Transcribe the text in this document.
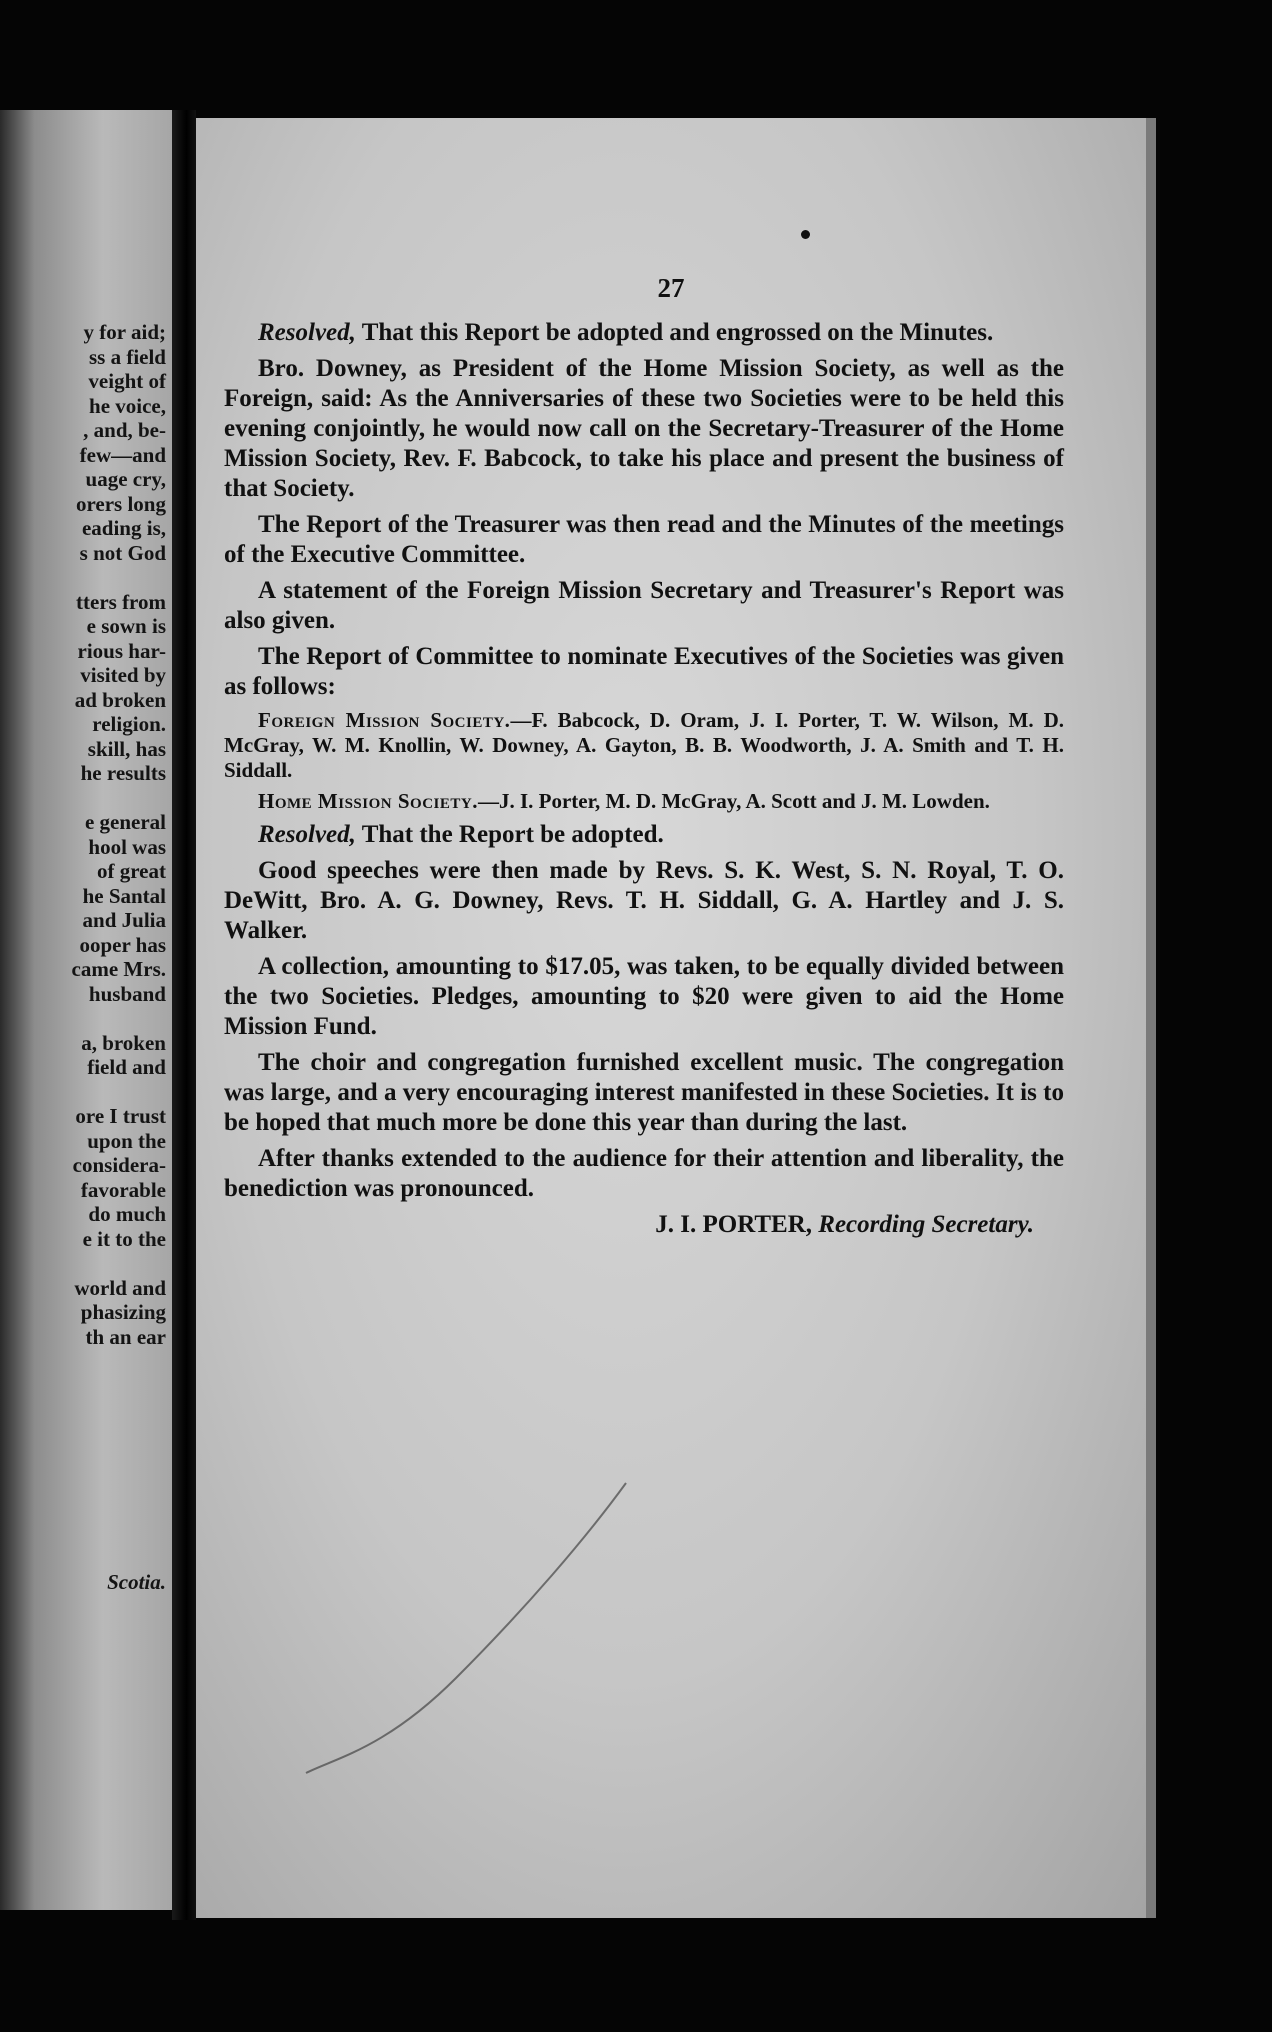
y for aid;
ss a field
veight of
he voice,
, and, be-
few—and
uage cry,
orers long
eading is,
s not God
tters from
e sown is
rious har-
visited by
ad broken
religion.
skill, has
he results
e general
hool was
of great
he Santal
and Julia
ooper has
came Mrs.
husband
a, broken
field and
ore I trust
upon the
considera-
favorable
do much
e it to the
world and
phasizing
th an ear
Scotia.
27

Resolved, That this Report be adopted and engrossed on the Minutes.

Bro. Downey, as President of the Home Mission Society, as well as the Foreign, said: As the Anniversaries of these two Societies were to be held this evening conjointly, he would now call on the Secretary-Treasurer of the Home Mission Society, Rev. F. Babcock, to take his place and present the business of that Society.

The Report of the Treasurer was then read and the Minutes of the meetings of the Executive Committee.

A statement of the Foreign Mission Secretary and Treasurer's Report was also given.

The Report of Committee to nominate Executives of the Societies was given as follows:

Foreign Mission Society.—F. Babcock, D. Oram, J. I. Porter, T. W. Wilson, M. D. McGray, W. M. Knollin, W. Downey, A. Gayton, B. B. Woodworth, J. A. Smith and T. H. Siddall.

Home Mission Society.—J. I. Porter, M. D. McGray, A. Scott and J. M. Lowden.

Resolved, That the Report be adopted.

Good speeches were then made by Revs. S. K. West, S. N. Royal, T. O. DeWitt, Bro. A. G. Downey, Revs. T. H. Siddall, G. A. Hartley and J. S. Walker.

A collection, amounting to $17.05, was taken, to be equally divided between the two Societies. Pledges, amounting to $20 were given to aid the Home Mission Fund.

The choir and congregation furnished excellent music. The congregation was large, and a very encouraging interest manifested in these Societies. It is to be hoped that much more be done this year than during the last.

After thanks extended to the audience for their attention and liberality, the benediction was pronounced.

J. I. PORTER, Recording Secretary.
